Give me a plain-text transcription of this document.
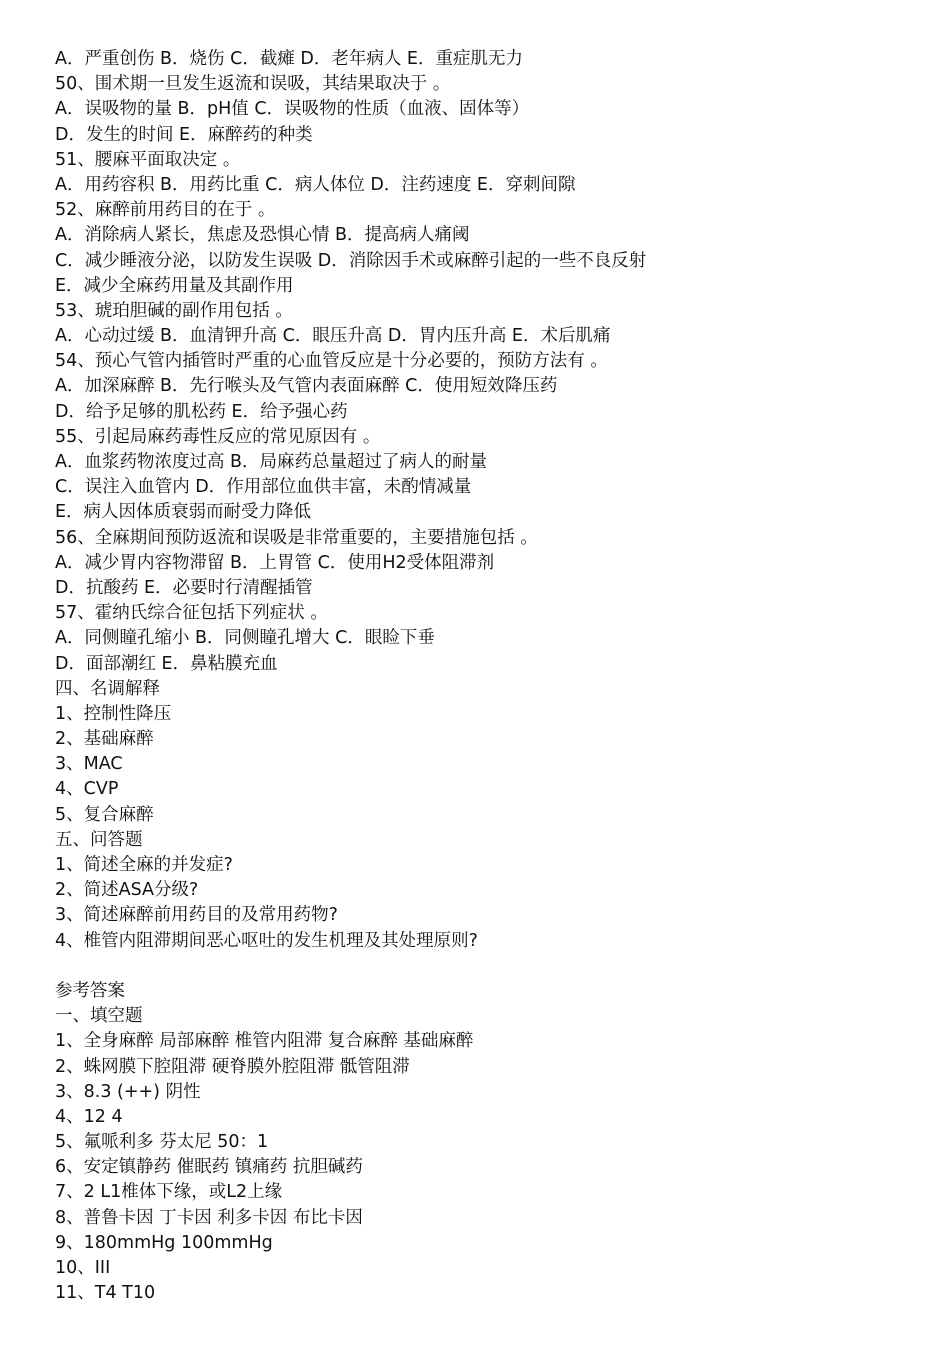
A．严重创伤 B．烧伤 C．截瘫 D．老年病人 E．重症肌无力
50、围术期一旦发生返流和误吸，其结果取决于 。
A．误吸物的量 B．pH值 C．误吸物的性质（血液、固体等）
D．发生的时间 E．麻醉药的种类
51、腰麻平面取决定 。
A．用药容积 B．用药比重 C．病人体位 D．注药速度 E．穿刺间隙
52、麻醉前用药目的在于 。
A．消除病人紧长，焦虑及恐惧心情 B．提高病人痛阈
C．减少睡液分泌，以防发生误吸 D．消除因手术或麻醉引起的一些不良反射
E．减少全麻药用量及其副作用
53、琥珀胆碱的副作用包括 。
A．心动过缓 B．血清钾升高 C．眼压升高 D．胃内压升高 E．术后肌痛
54、预心气管内插管时严重的心血管反应是十分必要的，预防方法有 。
A．加深麻醉 B．先行喉头及气管内表面麻醉 C．使用短效降压药
D．给予足够的肌松药 E．给予强心药
55、引起局麻药毒性反应的常见原因有 。
A．血浆药物浓度过高 B．局麻药总量超过了病人的耐量
C．误注入血管内 D．作用部位血供丰富，未酌情减量
E．病人因体质衰弱而耐受力降低
56、全麻期间预防返流和误吸是非常重要的，主要措施包括 。
A．减少胃内容物滞留 B．上胃管 C．使用H2受体阻滞剂
D．抗酸药 E．必要时行清醒插管
57、霍纳氏综合征包括下列症状 。
A．同侧瞳孔缩小 B．同侧瞳孔增大 C．眼睑下垂
D．面部潮红 E．鼻粘膜充血
四、名调解释
1、控制性降压
2、基础麻醉
3、MAC
4、CVP
5、复合麻醉
五、问答题
1、简述全麻的并发症?
2、简述ASA分级?
3、简述麻醉前用药目的及常用药物?
4、椎管内阻滞期间恶心呕吐的发生机理及其处理原则?
参考答案
一、填空题
1、全身麻醉 局部麻醉 椎管内阻滞 复合麻醉 基础麻醉
2、蛛网膜下腔阻滞 硬脊膜外腔阻滞 骶管阻滞
3、8.3 (++) 阴性
4、12 4
5、氟哌利多 芬太尼 50：1
6、安定镇静药 催眠药 镇痛药 抗胆碱药
7、2 L1椎体下缘，或L2上缘
8、普鲁卡因 丁卡因 利多卡因 布比卡因
9、180mmHg 100mmHg
10、III
11、T4 T10
